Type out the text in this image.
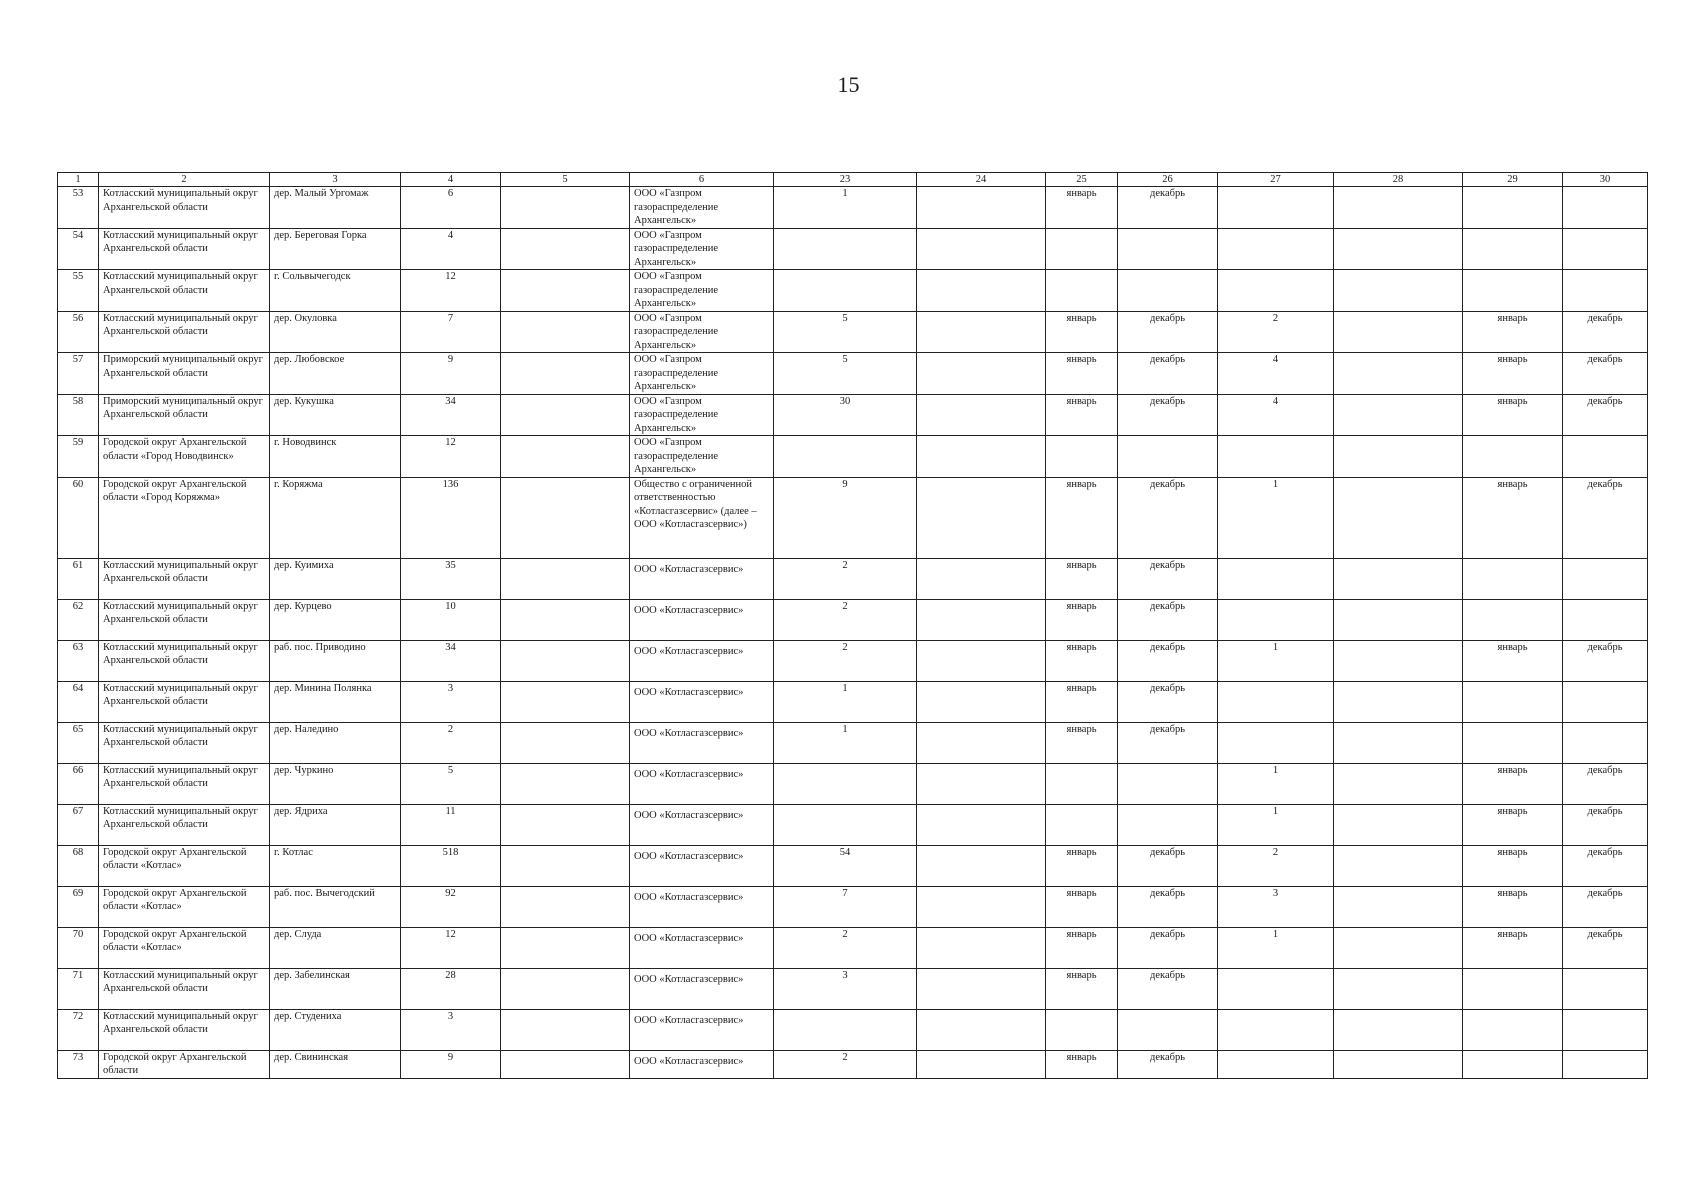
15
1	2	3	4	5	6	23	24	25	26	27	28	29	30
53	Котласский муниципальный округ Архангельской области	дер. Малый Ургомаж	6		ООО «Газпром газораспределение Архангельск»	1		январь	декабрь				
54	Котласский муниципальный округ Архангельской области	дер. Береговая Горка	4		ООО «Газпром газораспределение Архангельск»								
55	Котласский муниципальный округ Архангельской области	г. Сольвычегодск	12		ООО «Газпром газораспределение Архангельск»								
56	Котласский муниципальный округ Архангельской области	дер. Окуловка	7		ООО «Газпром газораспределение Архангельск»	5		январь	декабрь	2		январь	декабрь
57	Приморский муниципальный округ Архангельской области	дер. Любовское	9		ООО «Газпром газораспределение Архангельск»	5		январь	декабрь	4		январь	декабрь
58	Приморский муниципальный округ Архангельской области	дер. Кукушка	34		ООО «Газпром газораспределение Архангельск»	30		январь	декабрь	4		январь	декабрь
59	Городской округ Архангельской области «Город Новодвинск»	г. Новодвинск	12		ООО «Газпром газораспределение Архангельск»								
60	Городской округ Архангельской области «Город Коряжма»	г. Коряжма	136		Общество с ограниченной ответственностью «Котласгазсервис» (далее – ООО «Котласгазсервис»)	9		январь	декабрь	1		январь	декабрь
61	Котласский муниципальный округ Архангельской области	дер. Куимиха	35		ООО «Котласгазсервис»	2		январь	декабрь				
62	Котласский муниципальный округ Архангельской области	дер. Курцево	10		ООО «Котласгазсервис»	2		январь	декабрь				
63	Котласский муниципальный округ Архангельской области	раб. пос. Приводино	34		ООО «Котласгазсервис»	2		январь	декабрь	1		январь	декабрь
64	Котласский муниципальный округ Архангельской области	дер. Минина Полянка	3		ООО «Котласгазсервис»	1		январь	декабрь				
65	Котласский муниципальный округ Архангельской области	дер. Наледино	2		ООО «Котласгазсервис»	1		январь	декабрь				
66	Котласский муниципальный округ Архангельской области	дер. Чуркино	5		ООО «Котласгазсервис»					1		январь	декабрь
67	Котласский муниципальный округ Архангельской области	дер. Ядриха	11		ООО «Котласгазсервис»					1		январь	декабрь
68	Городской округ Архангельской области «Котлас»	г. Котлас	518		ООО «Котласгазсервис»	54		январь	декабрь	2		январь	декабрь
69	Городской округ Архангельской области «Котлас»	раб. пос. Вычегодский	92		ООО «Котласгазсервис»	7		январь	декабрь	3		январь	декабрь
70	Городской округ Архангельской области «Котлас»	дер. Слуда	12		ООО «Котласгазсервис»	2		январь	декабрь	1		январь	декабрь
71	Котласский муниципальный округ Архангельской области	дер. Забелинская	28		ООО «Котласгазсервис»	3		январь	декабрь				
72	Котласский муниципальный округ Архангельской области	дер. Студениха	3		ООО «Котласгазсервис»								

73	Городской округ Архангельской области	дер. Свининская	9		ООО «Котласгазсервис»	2		январь	декабрь				
